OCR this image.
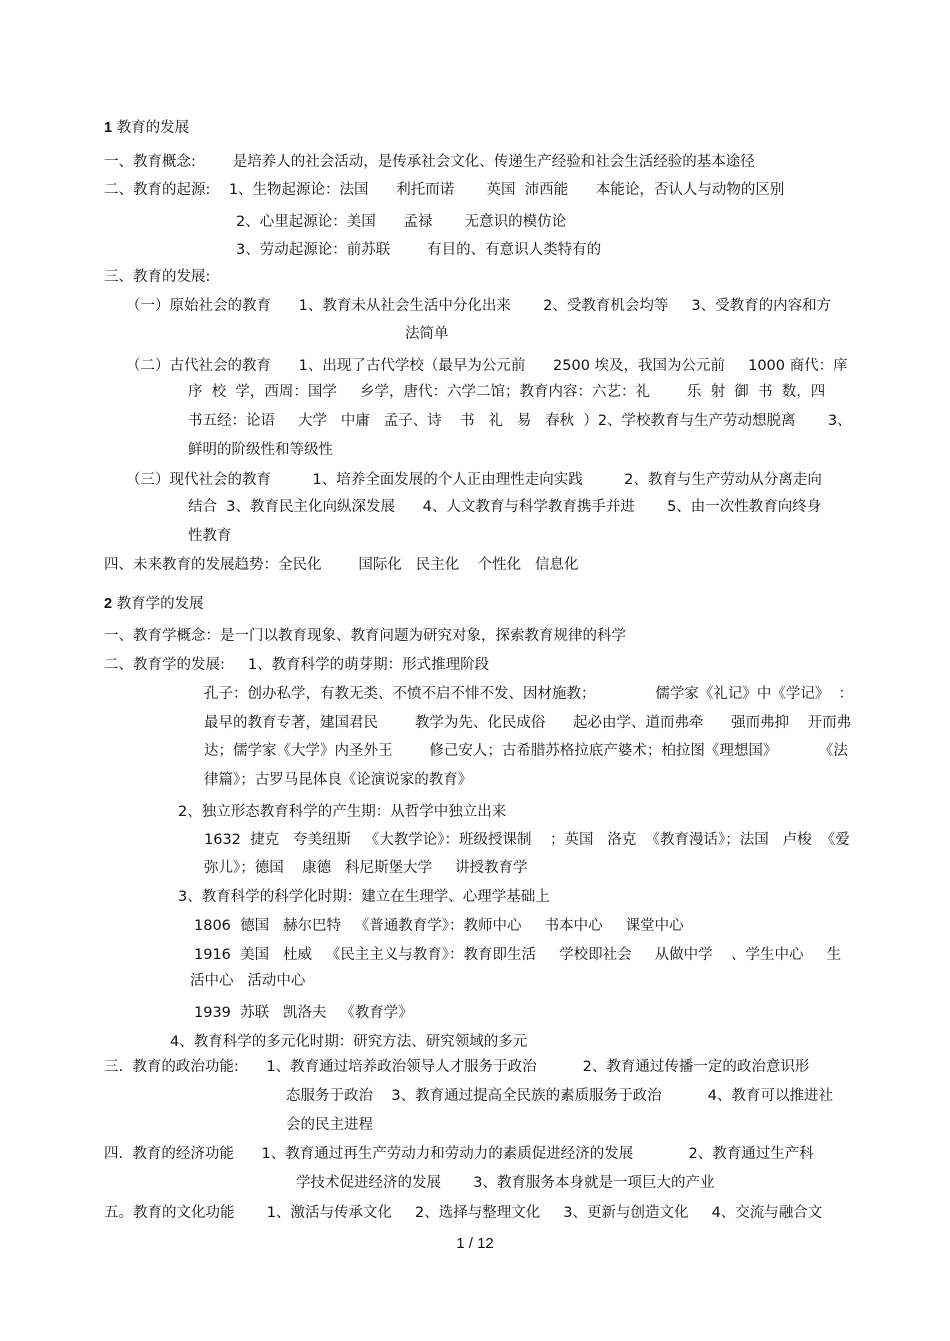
1 教育的发展
一、教育概念:        是培养人的社会活动，是传承社会文化、传递生产经验和社会生活经验的基本途径
二、教育的起源:    1、生物起源论：法国      利托而诺       英国  沛西能      本能论，否认人与动物的区别
2、心里起源论：美国      孟禄       无意识的模仿论
3、劳动起源论：前苏联        有目的、有意识人类特有的
三、教育的发展:
（一）原始社会的教育      1、教育未从社会生活中分化出来       2、受教育机会均等     3、受教育的内容和方
法简单
（二）古代社会的教育      1、出现了古代学校（最早为公元前      2500 埃及，我国为公元前     1000 商代：庠
序  校  学，西周：国学     乡学，唐代：六学二馆；教育内容：六艺：礼        乐  射  御  书  数，四
书五经：论语     大学   中庸   孟子、诗    书   礼   易   春秋  ）2、学校教育与生产劳动想脱离       3、
鲜明的阶级性和等级性
（三）现代社会的教育         1、培养全面发展的个人正由理性走向实践         2、教育与生产劳动从分离走向
结合  3、教育民主化向纵深发展      4、人文教育与科学教育携手并进       5、由一次性教育向终身
性教育
四、未来教育的发展趋势：全民化        国际化   民主化    个性化   信息化
2 教育学的发展
一、教育学概念：是一门以教育现象、教育问题为研究对象，探索教育规律的科学
二、教育学的发展:     1、教育科学的萌芽期：形式推理阶段
孔子：创办私学，有教无类、不愤不启不悱不发、因材施教；             儒学家《礼记》中《学记》  ：
最早的教育专著，建国君民        教学为先、化民成俗      起必由学、道而弗牵      强而弗抑    开而弗
达；儒学家《大学》内圣外王        修己安人；古希腊苏格拉底产婆术；柏拉图《理想国》         《法
律篇》；古罗马昆体良《论演说家的教育》
2、独立形态教育科学的产生期：从哲学中独立出来
1632  捷克   夸美纽斯   《大教学论》：班级授课制    ；英国   洛克  《教育漫话》；法国   卢梭  《爱
弥儿》；德国    康德   科尼斯堡大学     讲授教育学
3、教育科学的科学化时期：建立在生理学、心理学基础上
1806  德国   赫尔巴特   《普通教育学》：教师中心     书本中心     课堂中心
1916  美国   杜威   《民主主义与教育》：教育即生活     学校即社会     从做中学    、学生中心     生
活中心   活动中心
1939  苏联   凯洛夫   《教育学》
4、教育科学的多元化时期：研究方法、研究领域的多元
三.  教育的政治功能:      1、教育通过培养政治领导人才服务于政治          2、教育通过传播一定的政治意识形
态服务于政治    3、教育通过提高全民族的素质服务于政治          4、教育可以推进社
会的民主进程
四.  教育的经济功能      1、教育通过再生产劳动力和劳动力的素质促进经济的发展            2、教育通过生产科
学技术促进经济的发展       3、教育服务本身就是一项巨大的产业
五。教育的文化功能       1、激活与传承文化     2、选择与整理文化     3、更新与创造文化     4、交流与融合文
1 / 12
